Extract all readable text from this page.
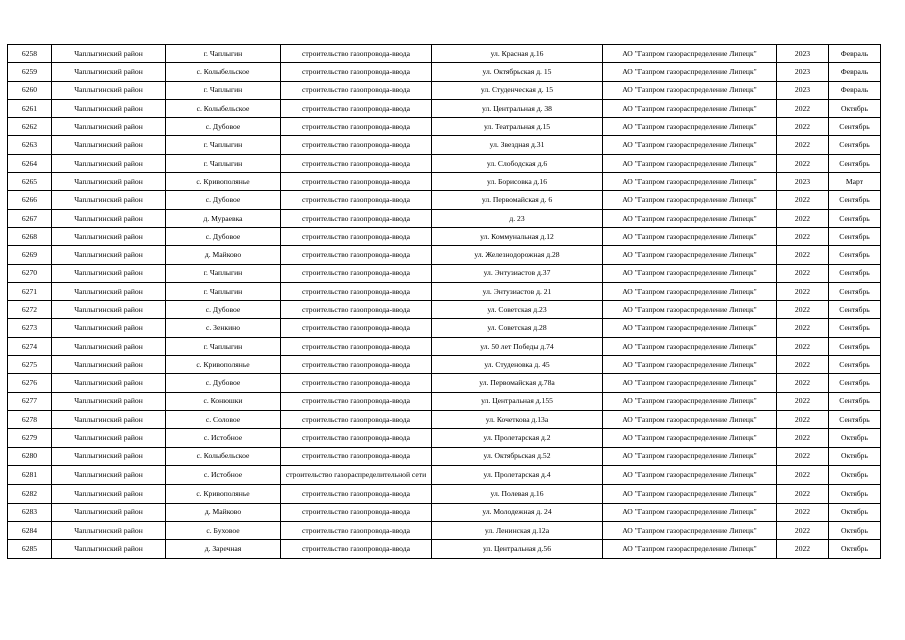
6258	Чаплыгинский район	г. Чаплыгин	строительство газопровода-ввода	ул. Красная д.16	АО "Газпром газораспределение Липецк"	2023	Февраль
6259	Чаплыгинский район	с. Колыбельское	строительство газопровода-ввода	ул. Октябрьская д. 15	АО "Газпром газораспределение Липецк"	2023	Февраль
6260	Чаплыгинский район	г. Чаплыгин	строительство газопровода-ввода	ул. Студенческая д. 15	АО "Газпром газораспределение Липецк"	2023	Февраль
6261	Чаплыгинский район	с. Колыбельское	строительство газопровода-ввода	ул. Центральная д. 38	АО "Газпром газораспределение Липецк"	2022	Октябрь
6262	Чаплыгинский район	с. Дубовое	строительство газопровода-ввода	ул. Театральная д.15	АО "Газпром газораспределение Липецк"	2022	Сентябрь
6263	Чаплыгинский район	г. Чаплыгин	строительство газопровода-ввода	ул. Звездная д.31	АО "Газпром газораспределение Липецк"	2022	Сентябрь
6264	Чаплыгинский район	г. Чаплыгин	строительство газопровода-ввода	ул. Слободская д.6	АО "Газпром газораспределение Липецк"	2022	Сентябрь
6265	Чаплыгинский район	с. Кривополянье	строительство газопровода-ввода	ул. Борисовка д.16	АО "Газпром газораспределение Липецк"	2023	Март
6266	Чаплыгинский район	с. Дубовое	строительство газопровода-ввода	ул. Первомайская д. 6	АО "Газпром газораспределение Липецк"	2022	Сентябрь
6267	Чаплыгинский район	д. Мураевка	строительство газопровода-ввода	д. 23	АО "Газпром газораспределение Липецк"	2022	Сентябрь
6268	Чаплыгинский район	с. Дубовое	строительство газопровода-ввода	ул. Коммунальная д.12	АО "Газпром газораспределение Липецк"	2022	Сентябрь
6269	Чаплыгинский район	д. Майково	строительство газопровода-ввода	ул. Железнодорожная д.28	АО "Газпром газораспределение Липецк"	2022	Сентябрь
6270	Чаплыгинский район	г. Чаплыгин	строительство газопровода-ввода	ул. Энтузиастов д.37	АО "Газпром газораспределение Липецк"	2022	Сентябрь
6271	Чаплыгинский район	г. Чаплыгин	строительство газопровода-ввода	ул. Энтузиастов д. 21	АО "Газпром газораспределение Липецк"	2022	Сентябрь
6272	Чаплыгинский район	с. Дубовое	строительство газопровода-ввода	ул. Советская д.23	АО "Газпром газораспределение Липецк"	2022	Сентябрь
6273	Чаплыгинский район	с. Зенкино	строительство газопровода-ввода	ул. Советская д.28	АО "Газпром газораспределение Липецк"	2022	Сентябрь
6274	Чаплыгинский район	г. Чаплыгин	строительство газопровода-ввода	ул. 50 лет Победы д.74	АО "Газпром газораспределение Липецк"	2022	Сентябрь
6275	Чаплыгинский район	с. Кривополянье	строительство газопровода-ввода	ул. Студеновка д. 45	АО "Газпром газораспределение Липецк"	2022	Сентябрь
6276	Чаплыгинский район	с. Дубовое	строительство газопровода-ввода	ул. Первомайская д.78а	АО "Газпром газораспределение Липецк"	2022	Сентябрь
6277	Чаплыгинский район	с. Конюшки	строительство газопровода-ввода	ул. Центральная д.155	АО "Газпром газораспределение Липецк"	2022	Сентябрь
6278	Чаплыгинский район	с. Соловое	строительство газопровода-ввода	ул. Кочеткова д.13а	АО "Газпром газораспределение Липецк"	2022	Сентябрь
6279	Чаплыгинский район	с. Истобное	строительство газопровода-ввода	ул. Пролетарская д.2	АО "Газпром газораспределение Липецк"	2022	Октябрь
6280	Чаплыгинский район	с. Колыбельское	строительство газопровода-ввода	ул. Октябрьская д.52	АО "Газпром газораспределение Липецк"	2022	Октябрь
6281	Чаплыгинский район	с. Истобное	строительство газораспределительной сети	ул. Пролетарская д.4	АО "Газпром газораспределение Липецк"	2022	Октябрь
6282	Чаплыгинский район	с. Кривополянье	строительство газопровода-ввода	ул. Полевая д.16	АО "Газпром газораспределение Липецк"	2022	Октябрь
6283	Чаплыгинский район	д. Майково	строительство газопровода-ввода	ул. Молодежная д. 24	АО "Газпром газораспределение Липецк"	2022	Октябрь
6284	Чаплыгинский район	с. Буховое	строительство газопровода-ввода	ул. Ленинская д.12а	АО "Газпром газораспределение Липецк"	2022	Октябрь
6285	Чаплыгинский район	д. Заречная	строительство газопровода-ввода	ул. Центральная д.56	АО "Газпром газораспределение Липецк"	2022	Октябрь
